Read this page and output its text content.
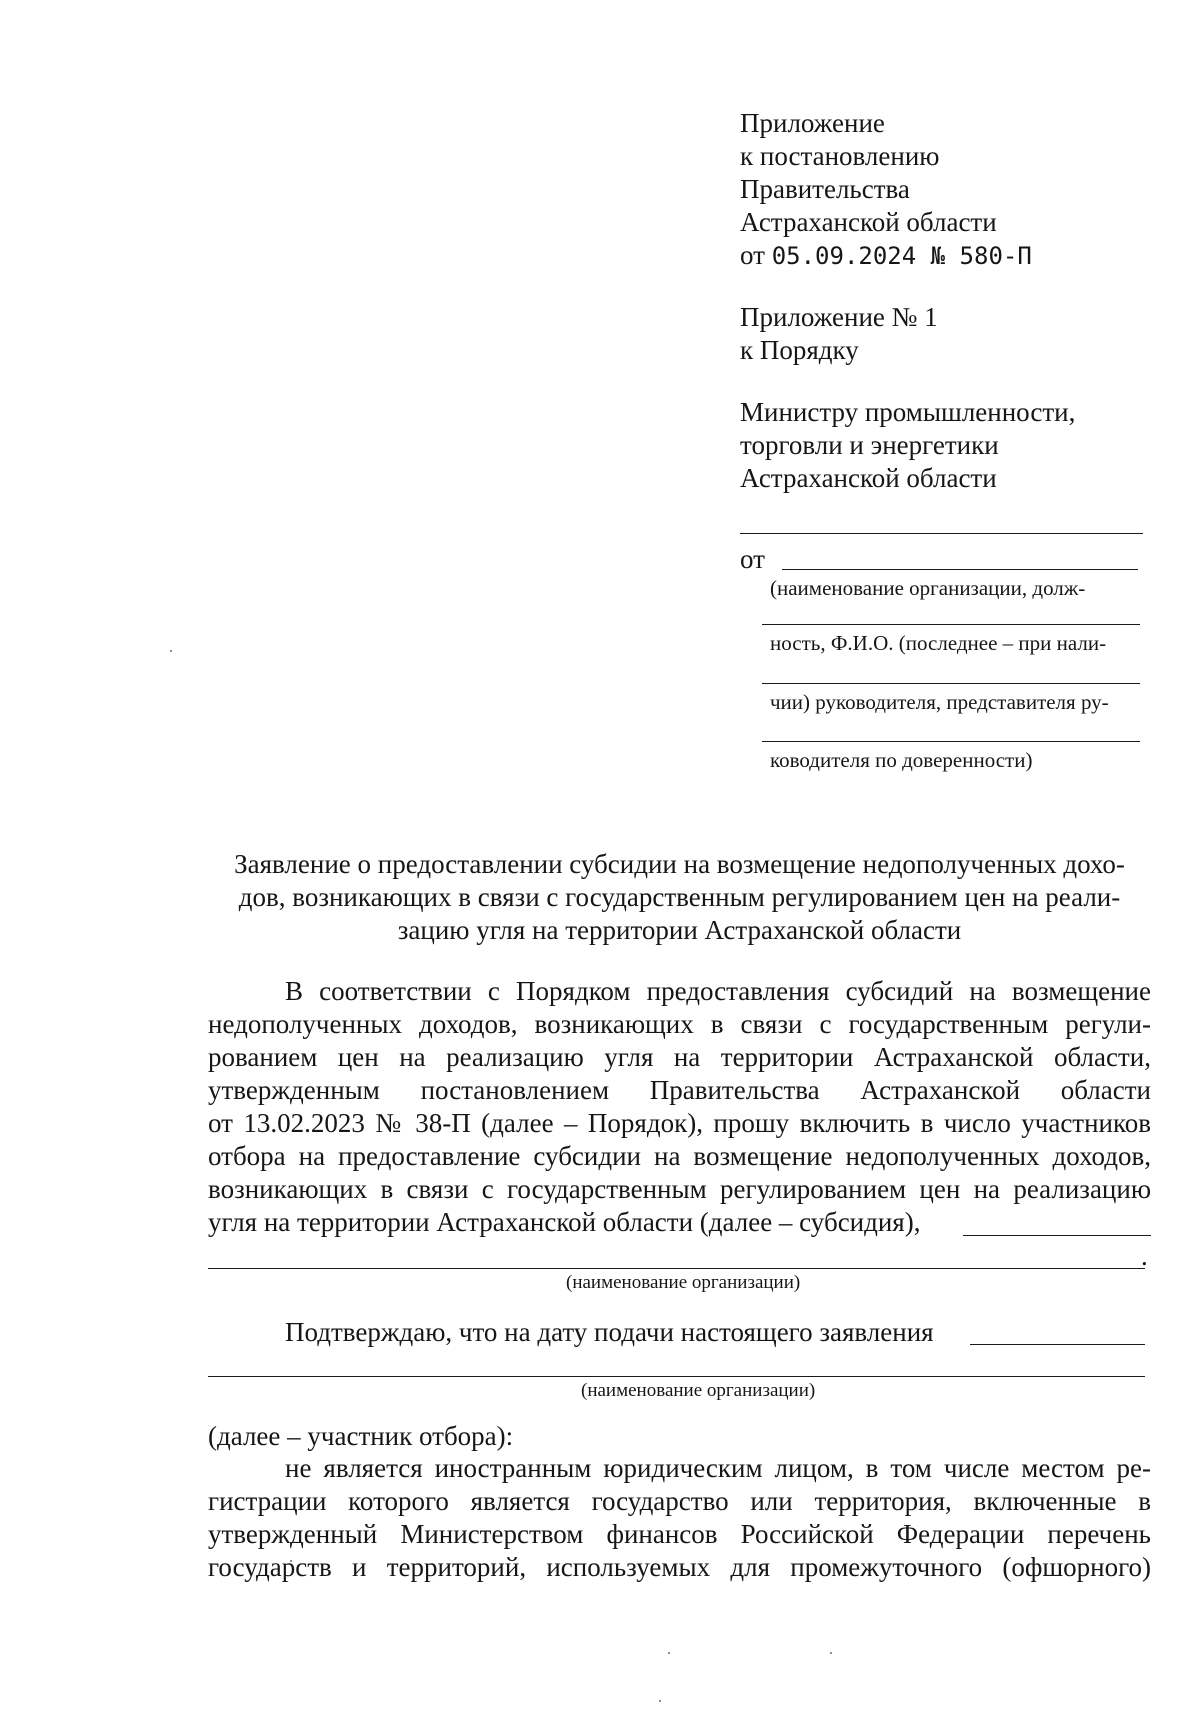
Приложение
к постановлению
Правительства
Астраханской области
от 05.09.2024 № 580-П
Приложение № 1
к Порядку
Министру промышленности,
торговли и энергетики
Астраханской области
от
(наименование организации, долж-
ность, Ф.И.О. (последнее – при нали-
чии) руководителя, представителя ру-
ководителя по доверенности)
Заявление о предоставлении субсидии на возмещение недополученных дохо-
дов, возникающих в связи с государственным регулированием цен на реали-
зацию угля на территории Астраханской области
В соответствии с Порядком предоставления субсидий на возмещение
недополученных доходов, возникающих в связи с государственным регули-
рованием цен на реализацию угля на территории Астраханской области,
утвержденным постановлением Правительства Астраханской области
от 13.02.2023 № 38-П (далее – Порядок), прошу включить в число участников
отбора на предоставление субсидии на возмещение недополученных доходов,
возникающих в связи с государственным регулированием цен на реализацию
угля на территории Астраханской области (далее – субсидия),
.
(наименование организации)
Подтверждаю, что на дату подачи настоящего заявления
(наименование организации)
(далее – участник отбора):
не является иностранным юридическим лицом, в том числе местом ре-
гистрации которого является государство или территория, включенные в
утвержденный Министерством финансов Российской Федерации перечень
государств и территорий, используемых для промежуточного (офшорного)
